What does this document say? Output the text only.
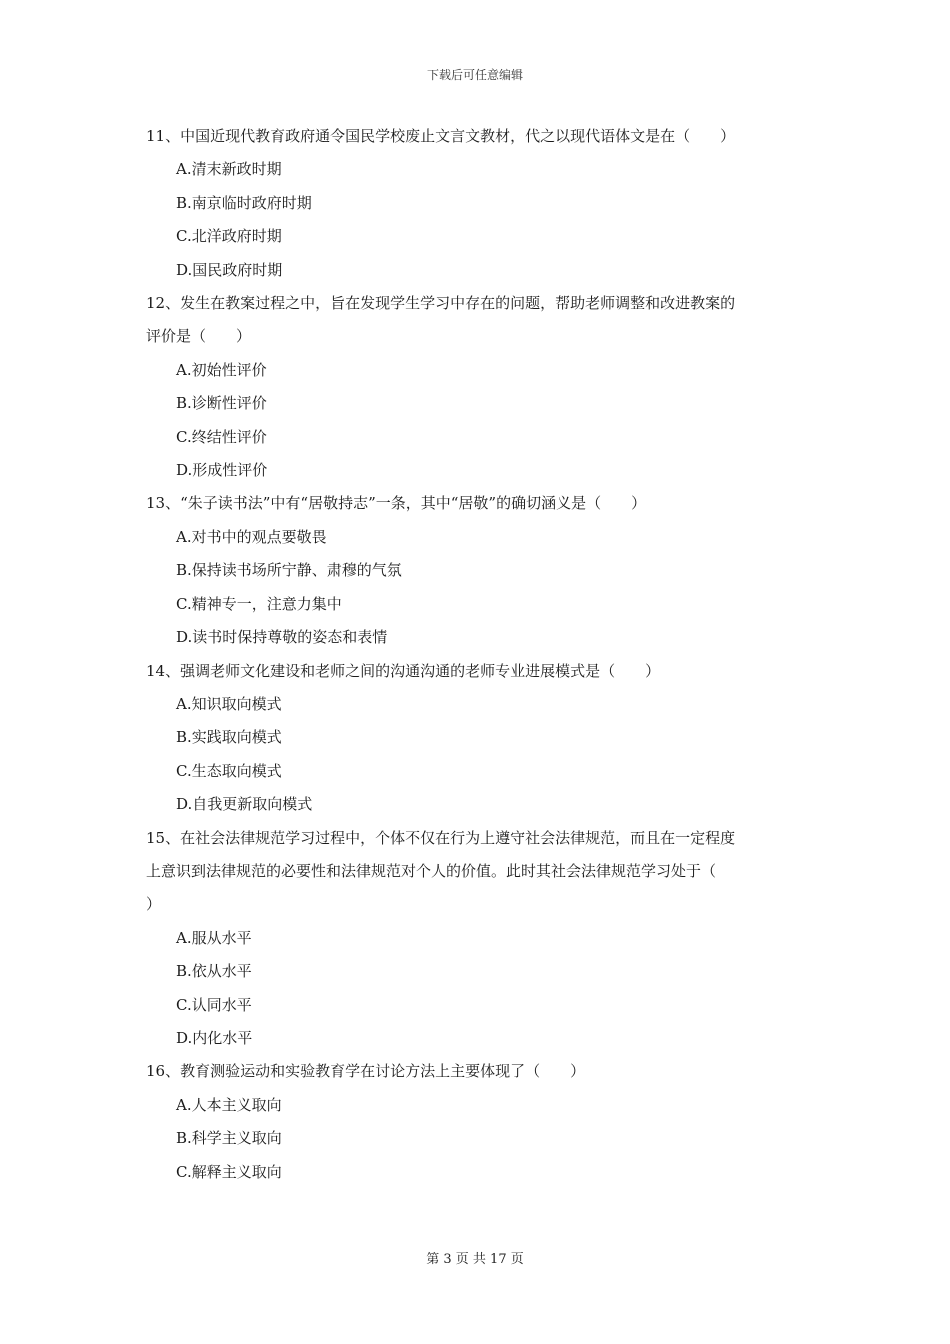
下载后可任意编辑
11、中国近现代教育政府通令国民学校废止文言文教材，代之以现代语体文是在（　　）
A.清末新政时期
B.南京临时政府时期
C.北洋政府时期
D.国民政府时期
12、发生在教案过程之中，旨在发现学生学习中存在的问题，帮助老师调整和改进教案的
评价是（　　）
A.初始性评价
B.诊断性评价
C.终结性评价
D.形成性评价
13、“朱子读书法”中有“居敬持志”一条，其中“居敬”的确切涵义是（　　）
A.对书中的观点要敬畏
B.保持读书场所宁静、肃穆的气氛
C.精神专一，注意力集中
D.读书时保持尊敬的姿态和表情
14、强调老师文化建设和老师之间的沟通沟通的老师专业进展模式是（　　）
A.知识取向模式
B.实践取向模式
C.生态取向模式
D.自我更新取向模式
15、在社会法律规范学习过程中，个体不仅在行为上遵守社会法律规范，而且在一定程度
上意识到法律规范的必要性和法律规范对个人的价值。此时其社会法律规范学习处于（
）
A.服从水平
B.依从水平
C.认同水平
D.内化水平
16、教育测验运动和实验教育学在讨论方法上主要体现了（　　）
A.人本主义取向
B.科学主义取向
C.解释主义取向
第 3 页 共 17 页
